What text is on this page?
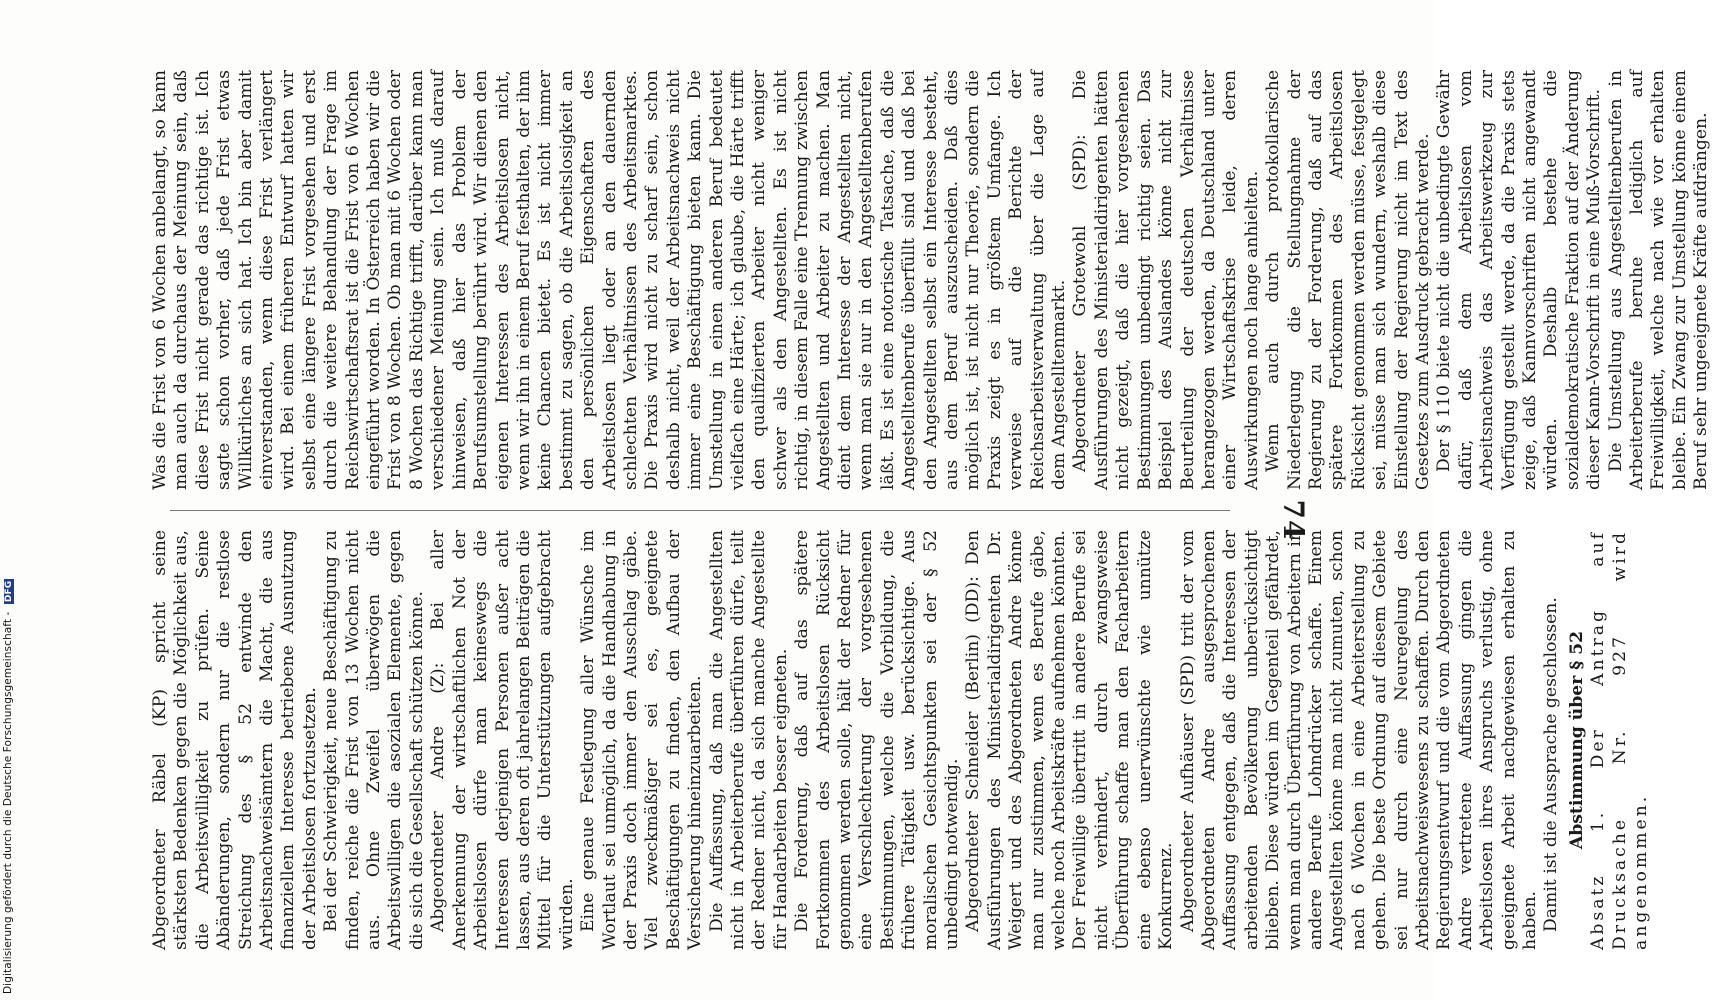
Digitalisierung gefördert durch die Deutsche Forschungsgemeinschaft - DFG
74

Was die Frist von 6 Wochen anbelangt, so kann man auch da durchaus der Meinung sein, daß diese Frist nicht gerade das richtige ist. Ich sagte schon vorher, daß jede Frist etwas Willkürliches an sich hat. Ich bin aber damit einverstanden, wenn diese Frist verlängert wird. Bei einem früheren Entwurf hatten wir selbst eine längere Frist vorgesehen und erst durch die weitere Behandlung der Frage im Reichswirtschaftsrat ist die Frist von 6 Wochen eingeführt worden. In Österreich haben wir die Frist von 8 Wochen. Ob man mit 6 Wochen oder 8 Wochen das Richtige trifft, darüber kann man verschiedener Meinung sein. Ich muß darauf hinweisen, daß hier das Problem der Berufsumstellung berührt wird. Wir dienen den eigenen Interessen des Arbeitslosen nicht, wenn wir ihn in einem Beruf festhalten, der ihm keine Chancen bietet. Es ist nicht immer bestimmt zu sagen, ob die Arbeitslosigkeit an den persönlichen Eigenschaften des Arbeitslosen liegt oder an den dauernden schlechten Verhältnissen des Arbeitsmarktes. Die Praxis wird nicht zu scharf sein, schon deshalb nicht, weil der Arbeitsnachweis nicht immer eine Beschäftigung bieten kann. Die Umstellung in einen anderen Beruf bedeutet vielfach eine Härte; ich glaube, die Härte trifft den qualifizierten Arbeiter nicht weniger schwer als den Angestellten. Es ist nicht richtig, in diesem Falle eine Trennung zwischen Angestellten und Arbeiter zu machen. Man dient dem Interesse der Angestellten nicht, wenn man sie nur in den Angestelltenberufen läßt. Es ist eine notorische Tatsache, daß die Angestelltenberufe überfüllt sind und daß bei den Angestellten selbst ein Interesse besteht, aus dem Beruf auszuscheiden. Daß dies möglich ist, ist nicht nur Theorie, sondern die Praxis zeigt es in größtem Umfange. Ich verweise auf die Berichte der Reichsarbeitsverwaltung über die Lage auf dem Angestelltenmarkt. Abgeordneter Grotewohl (SPD): Die Ausführungen des Ministerialdirigenten hätten nicht gezeigt, daß die hier vorgesehenen Bestimmungen unbedingt richtig seien. Das Beispiel des Auslandes könne nicht zur Beurteilung der deutschen Verhältnisse herangezogen werden, da Deutschland unter einer Wirtschaftskrise leide, deren Auswirkungen noch lange anhielten. Wenn auch durch protokollarische Niederlegung die Stellungnahme der Regierung zu der Forderung, daß auf das spätere Fortkommen des Arbeitslosen Rücksicht genommen werden müsse, festgelegt sei, müsse man sich wundern, weshalb diese Einstellung der Regierung nicht im Text des Gesetzes zum Ausdruck gebracht werde. Der § 110 biete nicht die unbedingte Gewähr dafür, daß dem Arbeitslosen vom Arbeitsnachweis das Arbeitswerkzeug zur Verfügung gestellt werde, da die Praxis stets zeige, daß Kannvorschriften nicht angewandt würden. Deshalb bestehe die sozialdemokratische Fraktion auf der Änderung dieser Kann-Vorschrift in eine Muß-Vorschrift. Die Umstellung aus Angestelltenberufen in Arbeiterberufe beruhe lediglich auf Freiwilligkeit, welche nach wie vor erhalten bleibe. Ein Zwang zur Umstellung könne einem Beruf sehr ungeeignete Kräfte aufdrängen.

Abgeordneter Räbel (KP) spricht seine stärksten Bedenken gegen die Möglichkeit aus, die Arbeitswilligkeit zu prüfen. Seine Abänderungen, sondern nur die restlose Streichung des § 52 entwinde den Arbeitsnachweisämtern die Macht, die aus finanziellem Interesse betriebene Ausnutzung der Arbeitslosen fortzusetzen. Bei der Schwierigkeit, neue Beschäftigung zu finden, reiche die Frist von 13 Wochen nicht aus. Ohne Zweifel überwögen die Arbeitswilligen die asozialen Elemente, gegen die sich die Gesellschaft schützen könne. Abgeordneter Andre (Z): Bei aller Anerkennung der wirtschaftlichen Not der Arbeitslosen dürfe man keineswegs die Interessen derjenigen Personen außer acht lassen, aus deren oft jahrelangen Beiträgen die Mittel für die Unterstützungen aufgebracht würden. Eine genaue Festlegung aller Wünsche im Wortlaut sei unmöglich, da die Handhabung in der Praxis doch immer den Ausschlag gäbe. Viel zweckmäßiger sei es, geeignete Beschäftigungen zu finden, den Aufbau der Versicherung hineinzuarbeiten. Die Auffassung, daß man die Angestellten nicht in Arbeiterberufe überführen dürfe, teilt der Redner nicht, da sich manche Angestellte für Handarbeiten besser eigneten. Die Forderung, daß auf das spätere Fortkommen des Arbeitslosen Rücksicht genommen werden solle, hält der Redner für eine Verschlechterung der vorgesehenen Bestimmungen, welche die Vorbildung, die frühere Tätigkeit usw. berücksichtige. Aus moralischen Gesichtspunkten sei der § 52 unbedingt notwendig. Abgeordneter Schneider (Berlin) (DD): Den Ausführungen des Ministerialdirigenten Dr. Weigert und des Abgeordneten Andre könne man nur zustimmen, wenn es Berufe gäbe, welche noch Arbeitskräfte aufnehmen könnten. Der Freiwillige übertritt in andere Berufe sei nicht verhindert, durch zwangsweise Überführung schaffe man den Facharbeitern eine ebenso unerwünschte wie unnütze Konkurrenz. Abgeordneter Aufhäuser (SPD) tritt der vom Abgeordneten Andre ausgesprochenen Auffassung entgegen, daß die Interessen der arbeitenden Bevölkerung unberücksichtigt blieben. Diese würden im Gegenteil gefährdet, wenn man durch Überführung von Arbeitern in andere Berufe Lohndrücker schaffe. Einem Angestellten könne man nicht zumuten, schon nach 6 Wochen in eine Arbeiterstellung zu gehen. Die beste Ordnung auf diesem Gebiete sei nur durch eine Neuregelung des Arbeitsnachweiswesens zu schaffen. Durch den Regierungsentwurf und die vom Abgeordneten Andre vertretene Auffassung gingen die Arbeitslosen ihres Anspruchs verlustig, ohne geeignete Arbeit nachgewiesen erhalten zu haben. Damit ist die Aussprache geschlossen. Abstimmung über § 52 Absatz 1. Der Antrag auf Drucksache Nr. 927 wird angenommen.
